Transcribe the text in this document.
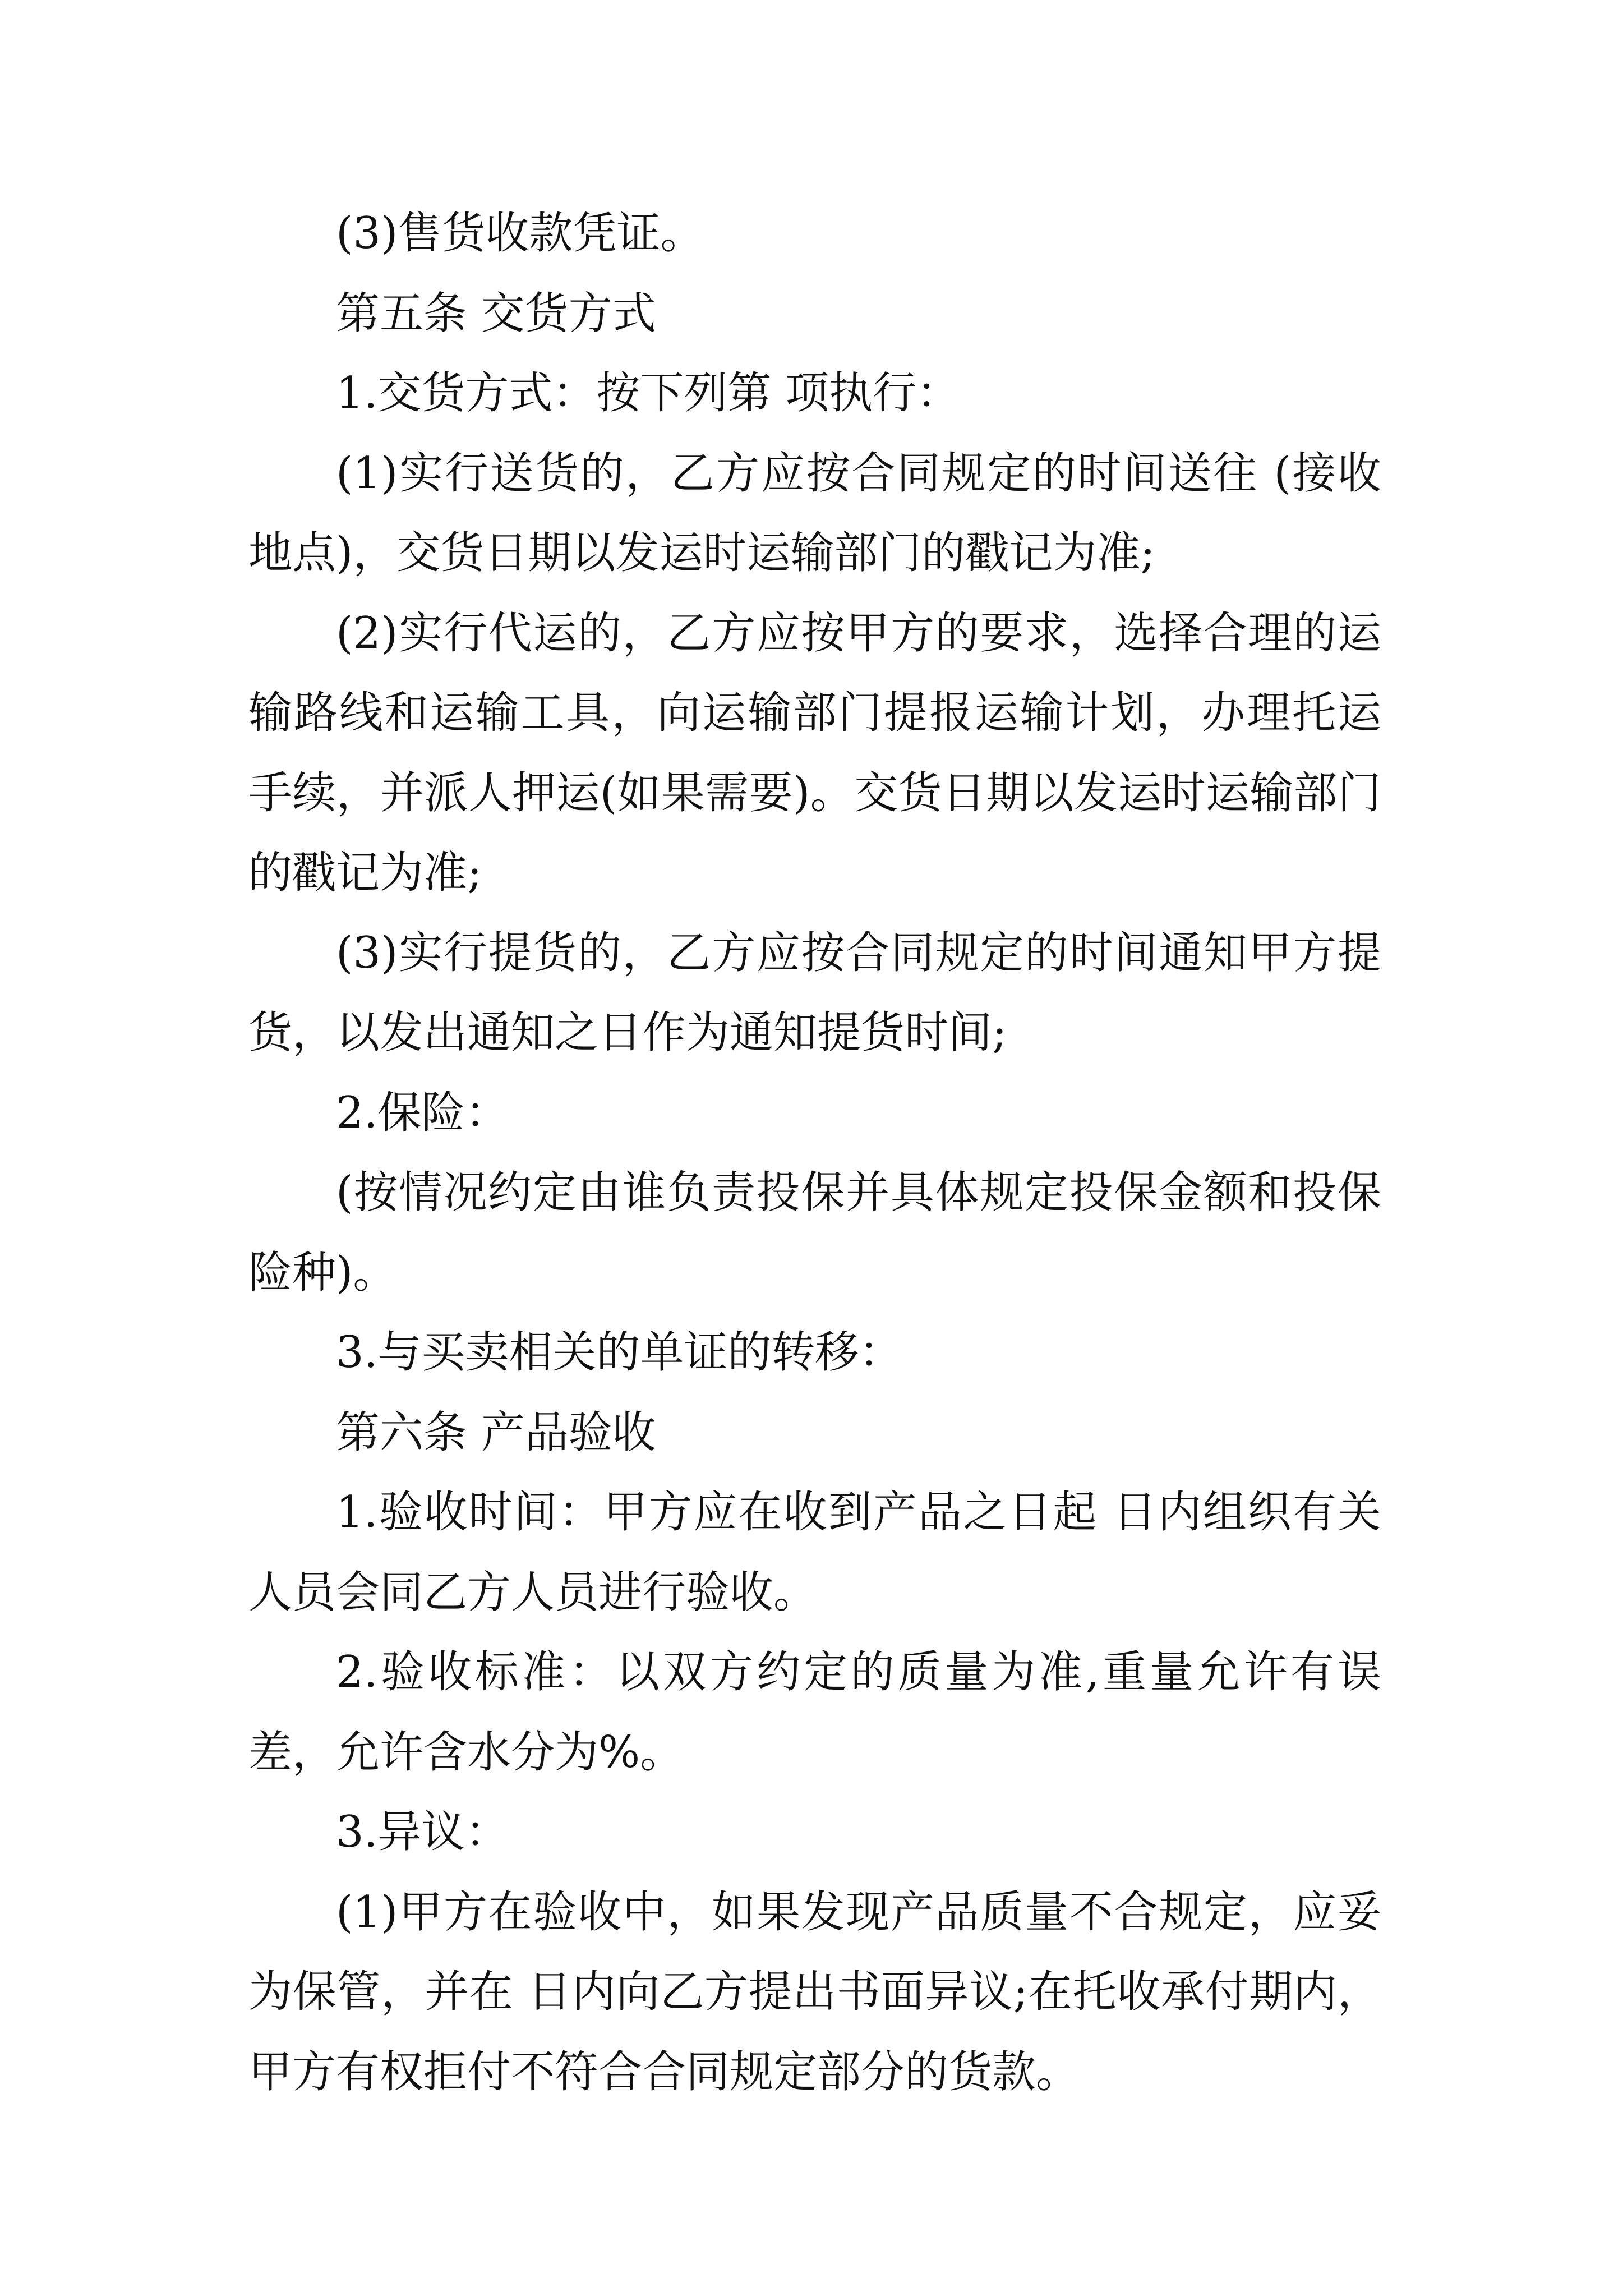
(3)售货收款凭证。

第五条 交货方式

1.交货方式：按下列第 项执行：

(1)实行送货的，乙方应按合同规定的时间送往 (接收地点)，交货日期以发运时运输部门的戳记为准;

(2)实行代运的，乙方应按甲方的要求，选择合理的运输路线和运输工具，向运输部门提报运输计划，办理托运手续，并派人押运(如果需要)。交货日期以发运时运输部门的戳记为准;

(3)实行提货的，乙方应按合同规定的时间通知甲方提货，以发出通知之日作为通知提货时间;

2.保险：

(按情况约定由谁负责投保并具体规定投保金额和投保险种)。

3.与买卖相关的单证的转移：

第六条 产品验收

1.验收时间：甲方应在收到产品之日起 日内组织有关人员会同乙方人员进行验收。

2.验收标准：以双方约定的质量为准,重量允许有误差，允许含水分为%。

3.异议：

(1)甲方在验收中，如果发现产品质量不合规定，应妥为保管，并在 日内向乙方提出书面异议;在托收承付期内，甲方有权拒付不符合合同规定部分的货款。
